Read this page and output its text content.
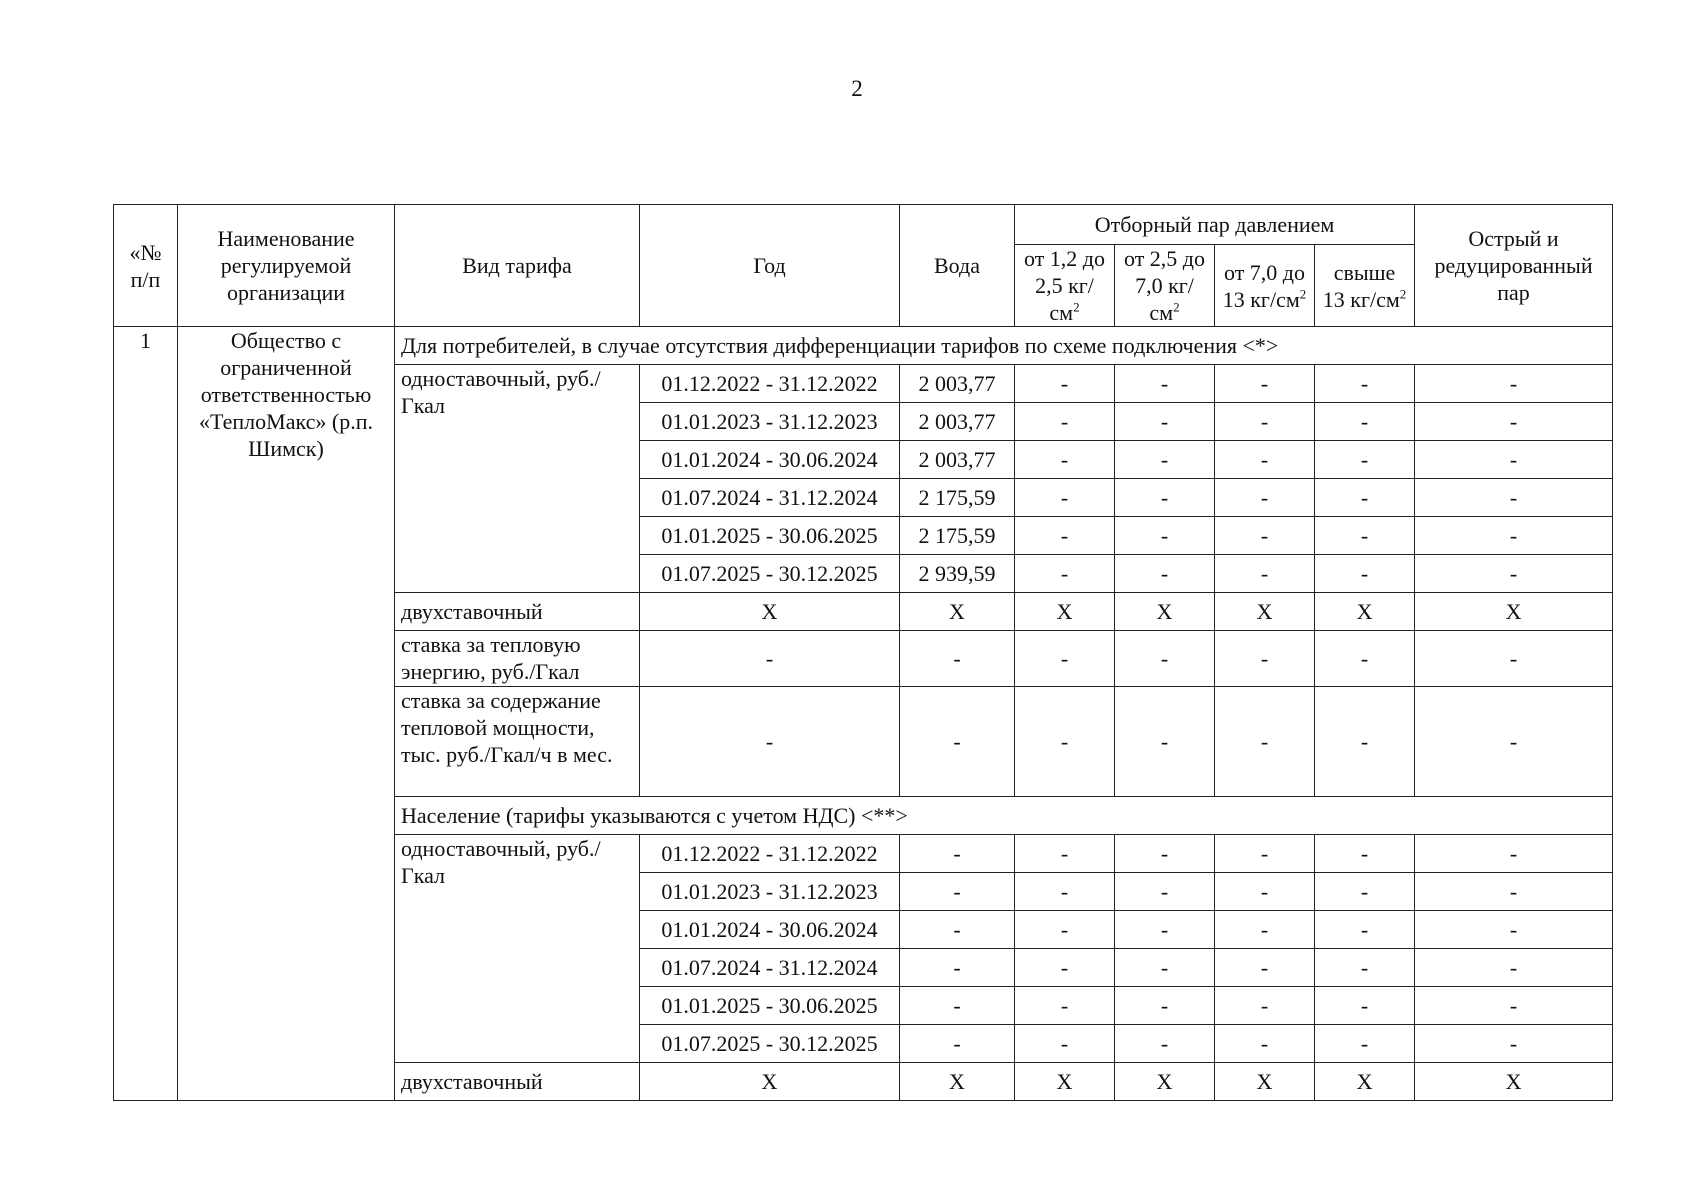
2
«№ п/п	Наименование регулируемой организации	Вид тарифа	Год	Вода	Отборный пар давлением				Острый и редуцированный пар
					от 1,2 до 2,5 $кг/см^2$	от 2,5 до 7,0 $кг/см^2$	от 7,0 до 13 $кг/см^2$	свыше 13 $кг/см^2$
1	Общество с ограниченной ответственностью «ТеплоМакс» (р.п. Шимск)	Для потребителей, в случае отсутствия дифференциации тарифов по схеме подключения <*>							
		одноставочный, руб./Гкал	01.12.2022 - 31.12.2022	2 003,77	-	-	-	-	-
			01.01.2023 - 31.12.2023	2 003,77	-	-	-	-	-
			01.01.2024 - 30.06.2024	2 003,77	-	-	-	-	-
			01.07.2024 - 31.12.2024	2 175,59	-	-	-	-	-
			01.01.2025 - 30.06.2025	2 175,59	-	-	-	-	-
			01.07.2025 - 30.12.2025	2 939,59	-	-	-	-	-
		двухставочный	X	X	X	X	X	X	X
		ставка за тепловую энергию, руб./Гкал	-	-	-	-	-	-	-
		ставка за содержание тепловой мощности, тыс. руб./Гкал/ч в мес.	-	-	-	-	-	-	-
		Население (тарифы указываются с учетом НДС) <**>							
		одноставочный, руб./Гкал	01.12.2022 - 31.12.2022	-	-	-	-	-	-
			01.01.2023 - 31.12.2023	-	-	-	-	-	-
			01.01.2024 - 30.06.2024	-	-	-	-	-	-
			01.07.2024 - 31.12.2024	-	-	-	-	-	-
			01.01.2025 - 30.06.2025	-	-	-	-	-	-
			01.07.2025 - 30.12.2025	-	-	-	-	-	-
		двухставочный	X	X	X	X	X	X	X
